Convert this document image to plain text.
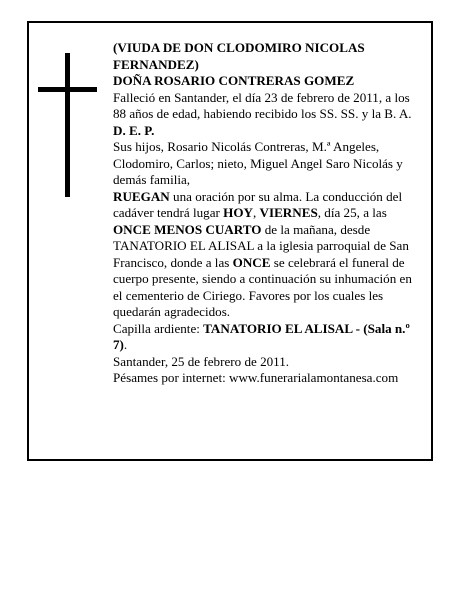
(VIUDA DE DON CLODOMIRO NICOLAS FERNANDEZ)

DOÑA ROSARIO CONTRERAS GOMEZ

Falleció en Santander, el día 23 de febrero de 2011, a los 88 años de edad, habiendo recibido los SS. SS. y la B. A.

D. E. P.

Sus hijos, Rosario Nicolás Contreras, M.ª Angeles, Clodomiro, Carlos; nieto, Miguel Angel Saro Nicolás y demás familia,

RUEGAN una oración por su alma. La conducción del cadáver tendrá lugar HOY, VIERNES, día 25, a las ONCE MENOS CUARTO de la mañana, desde TANATORIO EL ALISAL a la iglesia parroquial de San Francisco, donde a las ONCE se celebrará el funeral de cuerpo presente, siendo a continuación su inhumación en el cementerio de Ciriego. Favores por los cuales les quedarán agradecidos.

Capilla ardiente: TANATORIO EL ALISAL - (Sala n.º 7).

Santander, 25 de febrero de 2011.

Pésames por internet: www.funerarialamontanesa.com
